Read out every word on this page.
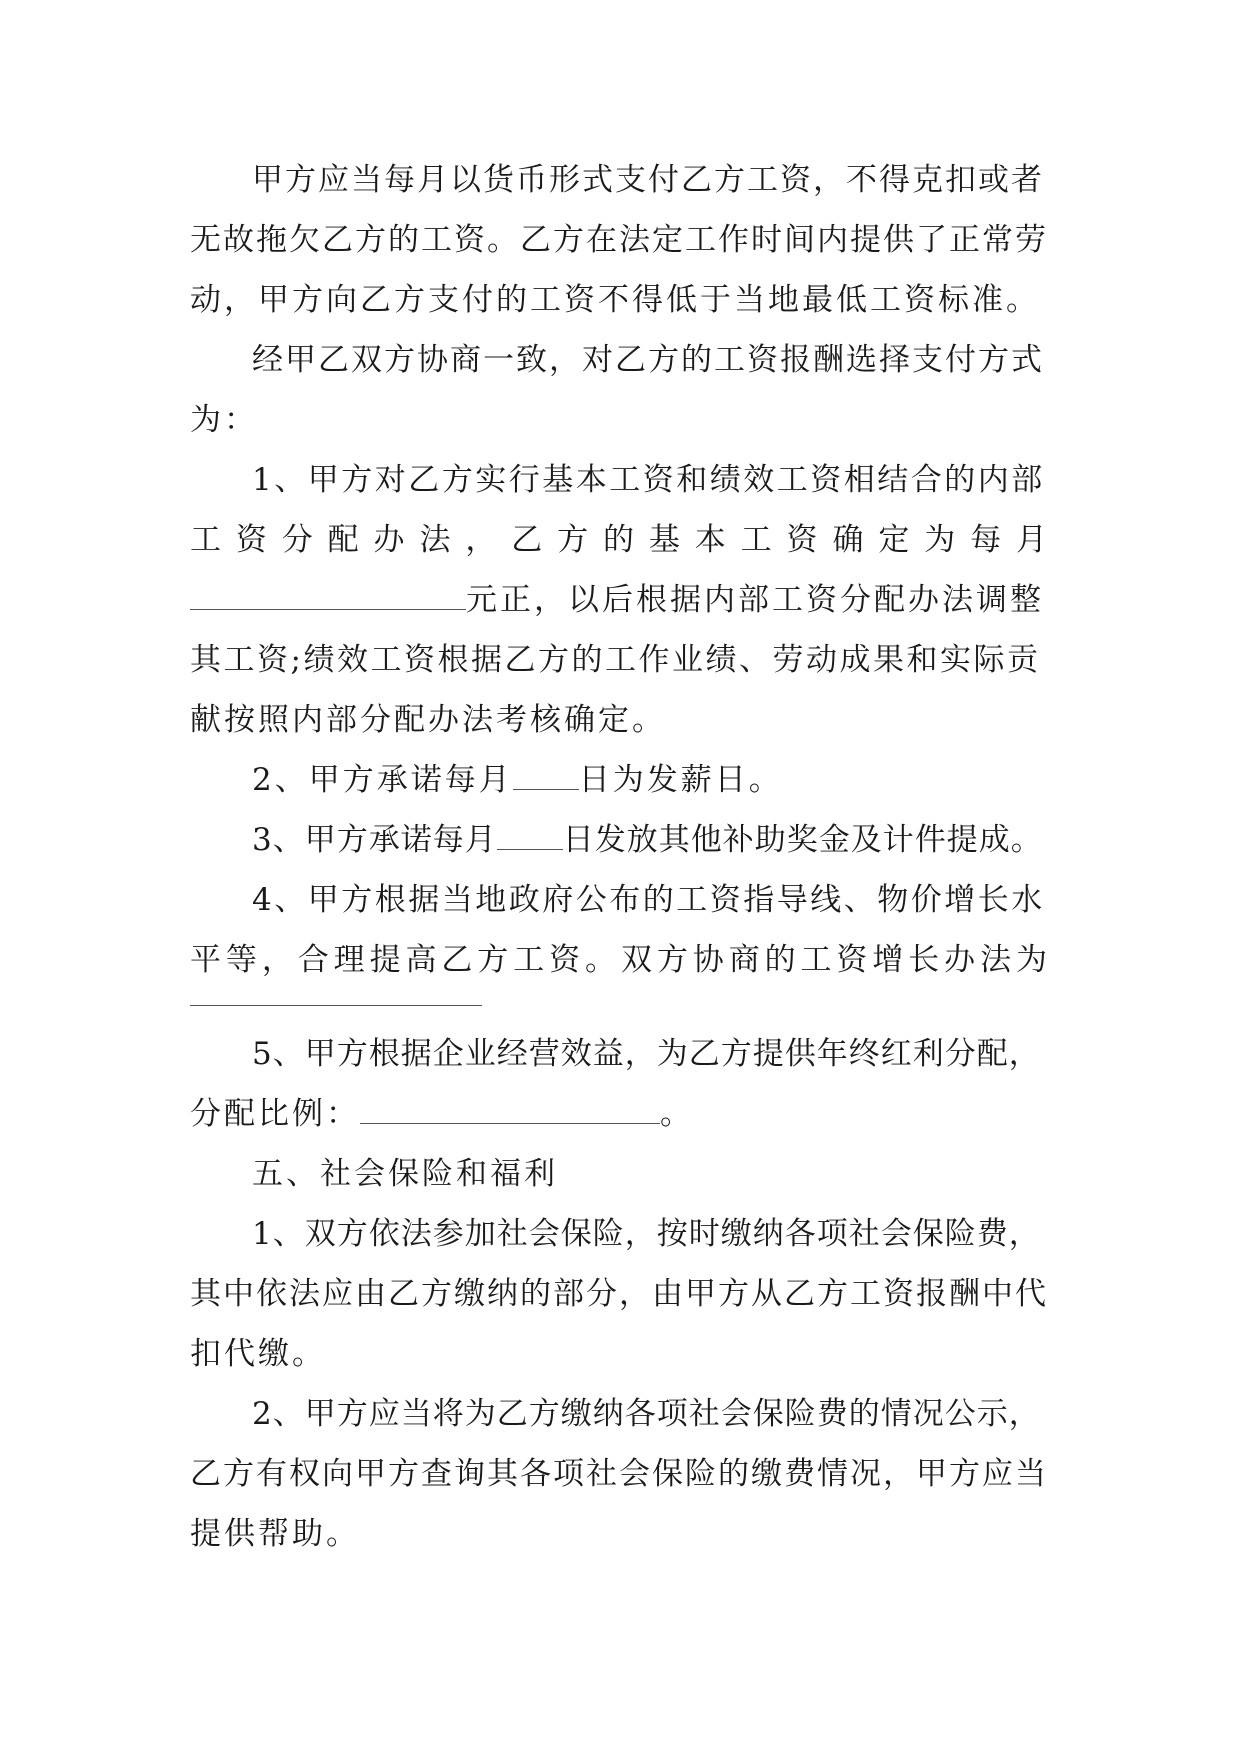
甲方应当每月以货币形式支付乙方工资，不得克扣或者
无故拖欠乙方的工资。乙方在法定工作时间内提供了正常劳
动，甲方向乙方支付的工资不得低于当地最低工资标准。
经甲乙双方协商一致，对乙方的工资报酬选择支付方式
为：
1、甲方对乙方实行基本工资和绩效工资相结合的内部
工资分配办法，乙方的基本工资确定为每月
元正，以后根据内部工资分配办法调整
其工资;绩效工资根据乙方的工作业绩、劳动成果和实际贡
献按照内部分配办法考核确定。
2、甲方承诺每月 日为发薪日。
3、甲方承诺每月 日发放其他补助奖金及计件提成。
4、甲方根据当地政府公布的工资指导线、物价增长水
平等，合理提高乙方工资。双方协商的工资增长办法为
5、甲方根据企业经营效益，为乙方提供年终红利分配，
分配比例：	。
五、社会保险和福利
1、双方依法参加社会保险，按时缴纳各项社会保险费，
其中依法应由乙方缴纳的部分，由甲方从乙方工资报酬中代
扣代缴。
2、甲方应当将为乙方缴纳各项社会保险费的情况公示，
乙方有权向甲方查询其各项社会保险的缴费情况，甲方应当
提供帮助。
